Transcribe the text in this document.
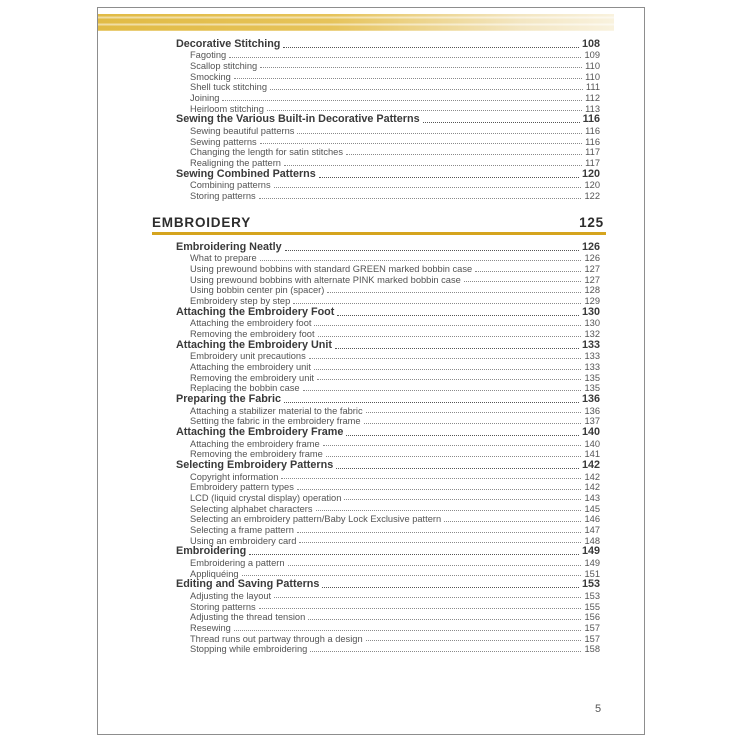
Decorative Stitching	108
Fagoting	109
Scallop stitching	110
Smocking	110
Shell tuck stitching	111
Joining	112
Heirloom stitching	113
Sewing the Various Built-in Decorative Patterns	116
Sewing beautiful patterns	116
Sewing patterns	116
Changing the length for satin stitches	117
Realigning the pattern	117
Sewing Combined Patterns	120
Combining patterns	120
Storing patterns	122
EMBROIDERY	125
Embroidering Neatly	126
What to prepare	126
Using prewound bobbins with standard GREEN marked bobbin case	127
Using prewound bobbins with alternate PINK marked bobbin case	127
Using bobbin center pin (spacer)	128
Embroidery step by step	129
Attaching the Embroidery Foot	130
Attaching the embroidery foot	130
Removing the embroidery foot	132
Attaching the Embroidery Unit	133
Embroidery unit precautions	133
Attaching the embroidery unit	133
Removing the embroidery unit	135
Replacing the bobbin case	135
Preparing the Fabric	136
Attaching a stabilizer material to the fabric	136
Setting the fabric in the embroidery frame	137
Attaching the Embroidery Frame	140
Attaching the embroidery frame	140
Removing the embroidery frame	141
Selecting Embroidery Patterns	142
Copyright information	142
Embroidery pattern types	142
LCD (liquid crystal display) operation	143
Selecting alphabet characters	145
Selecting an embroidery pattern/Baby Lock Exclusive pattern	146
Selecting a frame pattern	147
Using an embroidery card	148
Embroidering	149
Embroidering a pattern	149
Appliquéing	151
Editing and Saving Patterns	153
Adjusting the layout	153
Storing patterns	155
Adjusting the thread tension	156
Resewing	157
Thread runs out partway through a design	157
Stopping while embroidering	158
5
